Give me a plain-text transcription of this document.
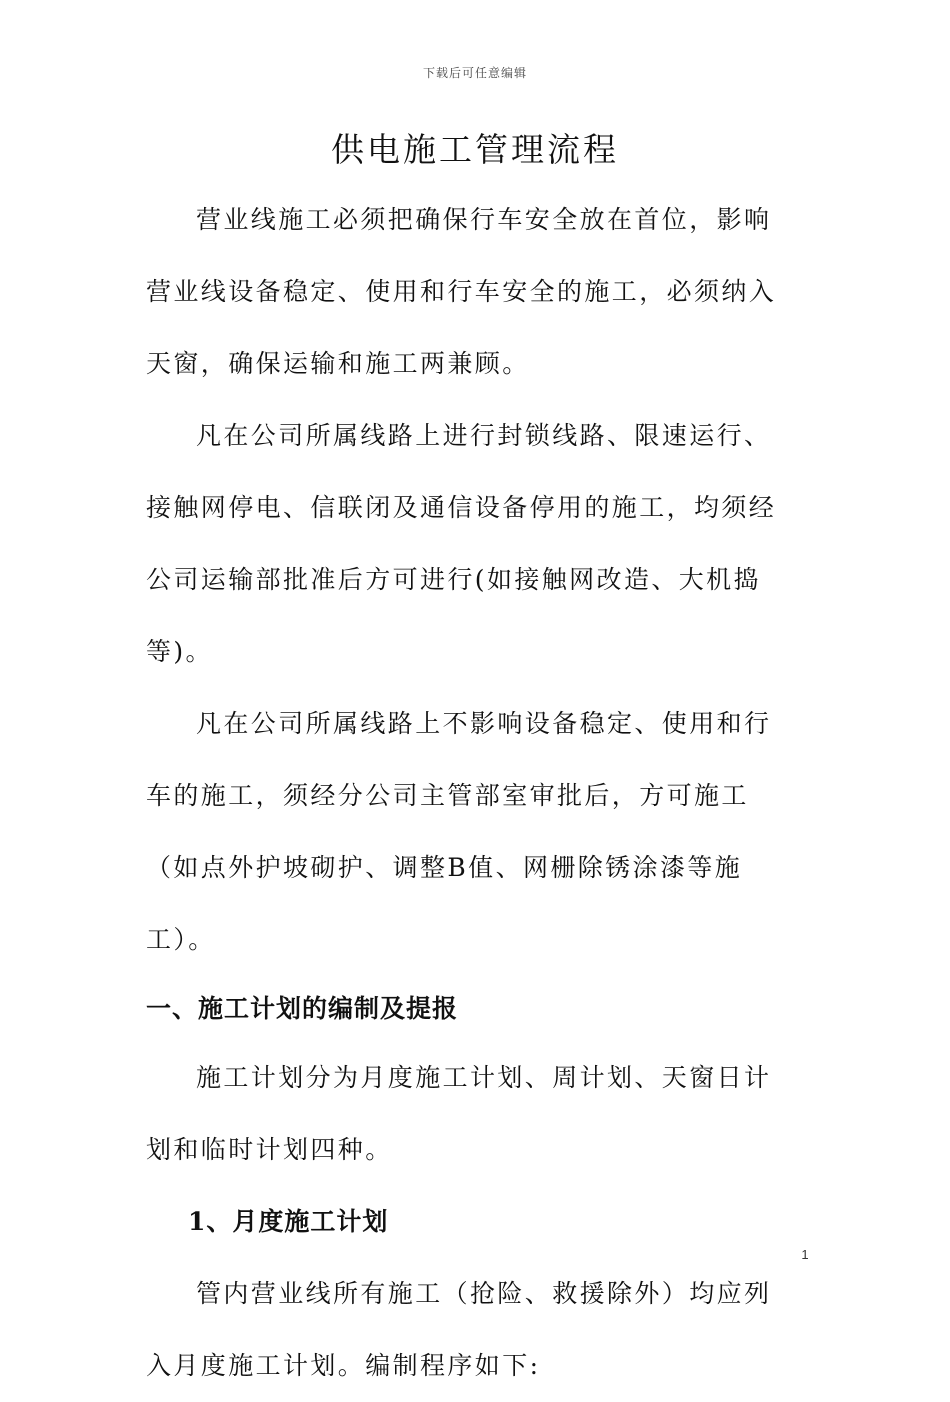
下载后可任意编辑
供电施工管理流程

营业线施工必须把确保行车安全放在首位，影响营业线设备稳定、使用和行车安全的施工，必须纳入天窗，确保运输和施工两兼顾。

凡在公司所属线路上进行封锁线路、限速运行、接触网停电、信联闭及通信设备停用的施工，均须经公司运输部批准后方可进行(如接触网改造、大机捣等)。

凡在公司所属线路上不影响设备稳定、使用和行车的施工，须经分公司主管部室审批后，方可施工（如点外护坡砌护、调整B值、网栅除锈涂漆等施工）。

一、施工计划的编制及提报

施工计划分为月度施工计划、周计划、天窗日计划和临时计划四种。

1、月度施工计划

管内营业线所有施工（抢险、救援除外）均应列入月度施工计划。编制程序如下:

1
